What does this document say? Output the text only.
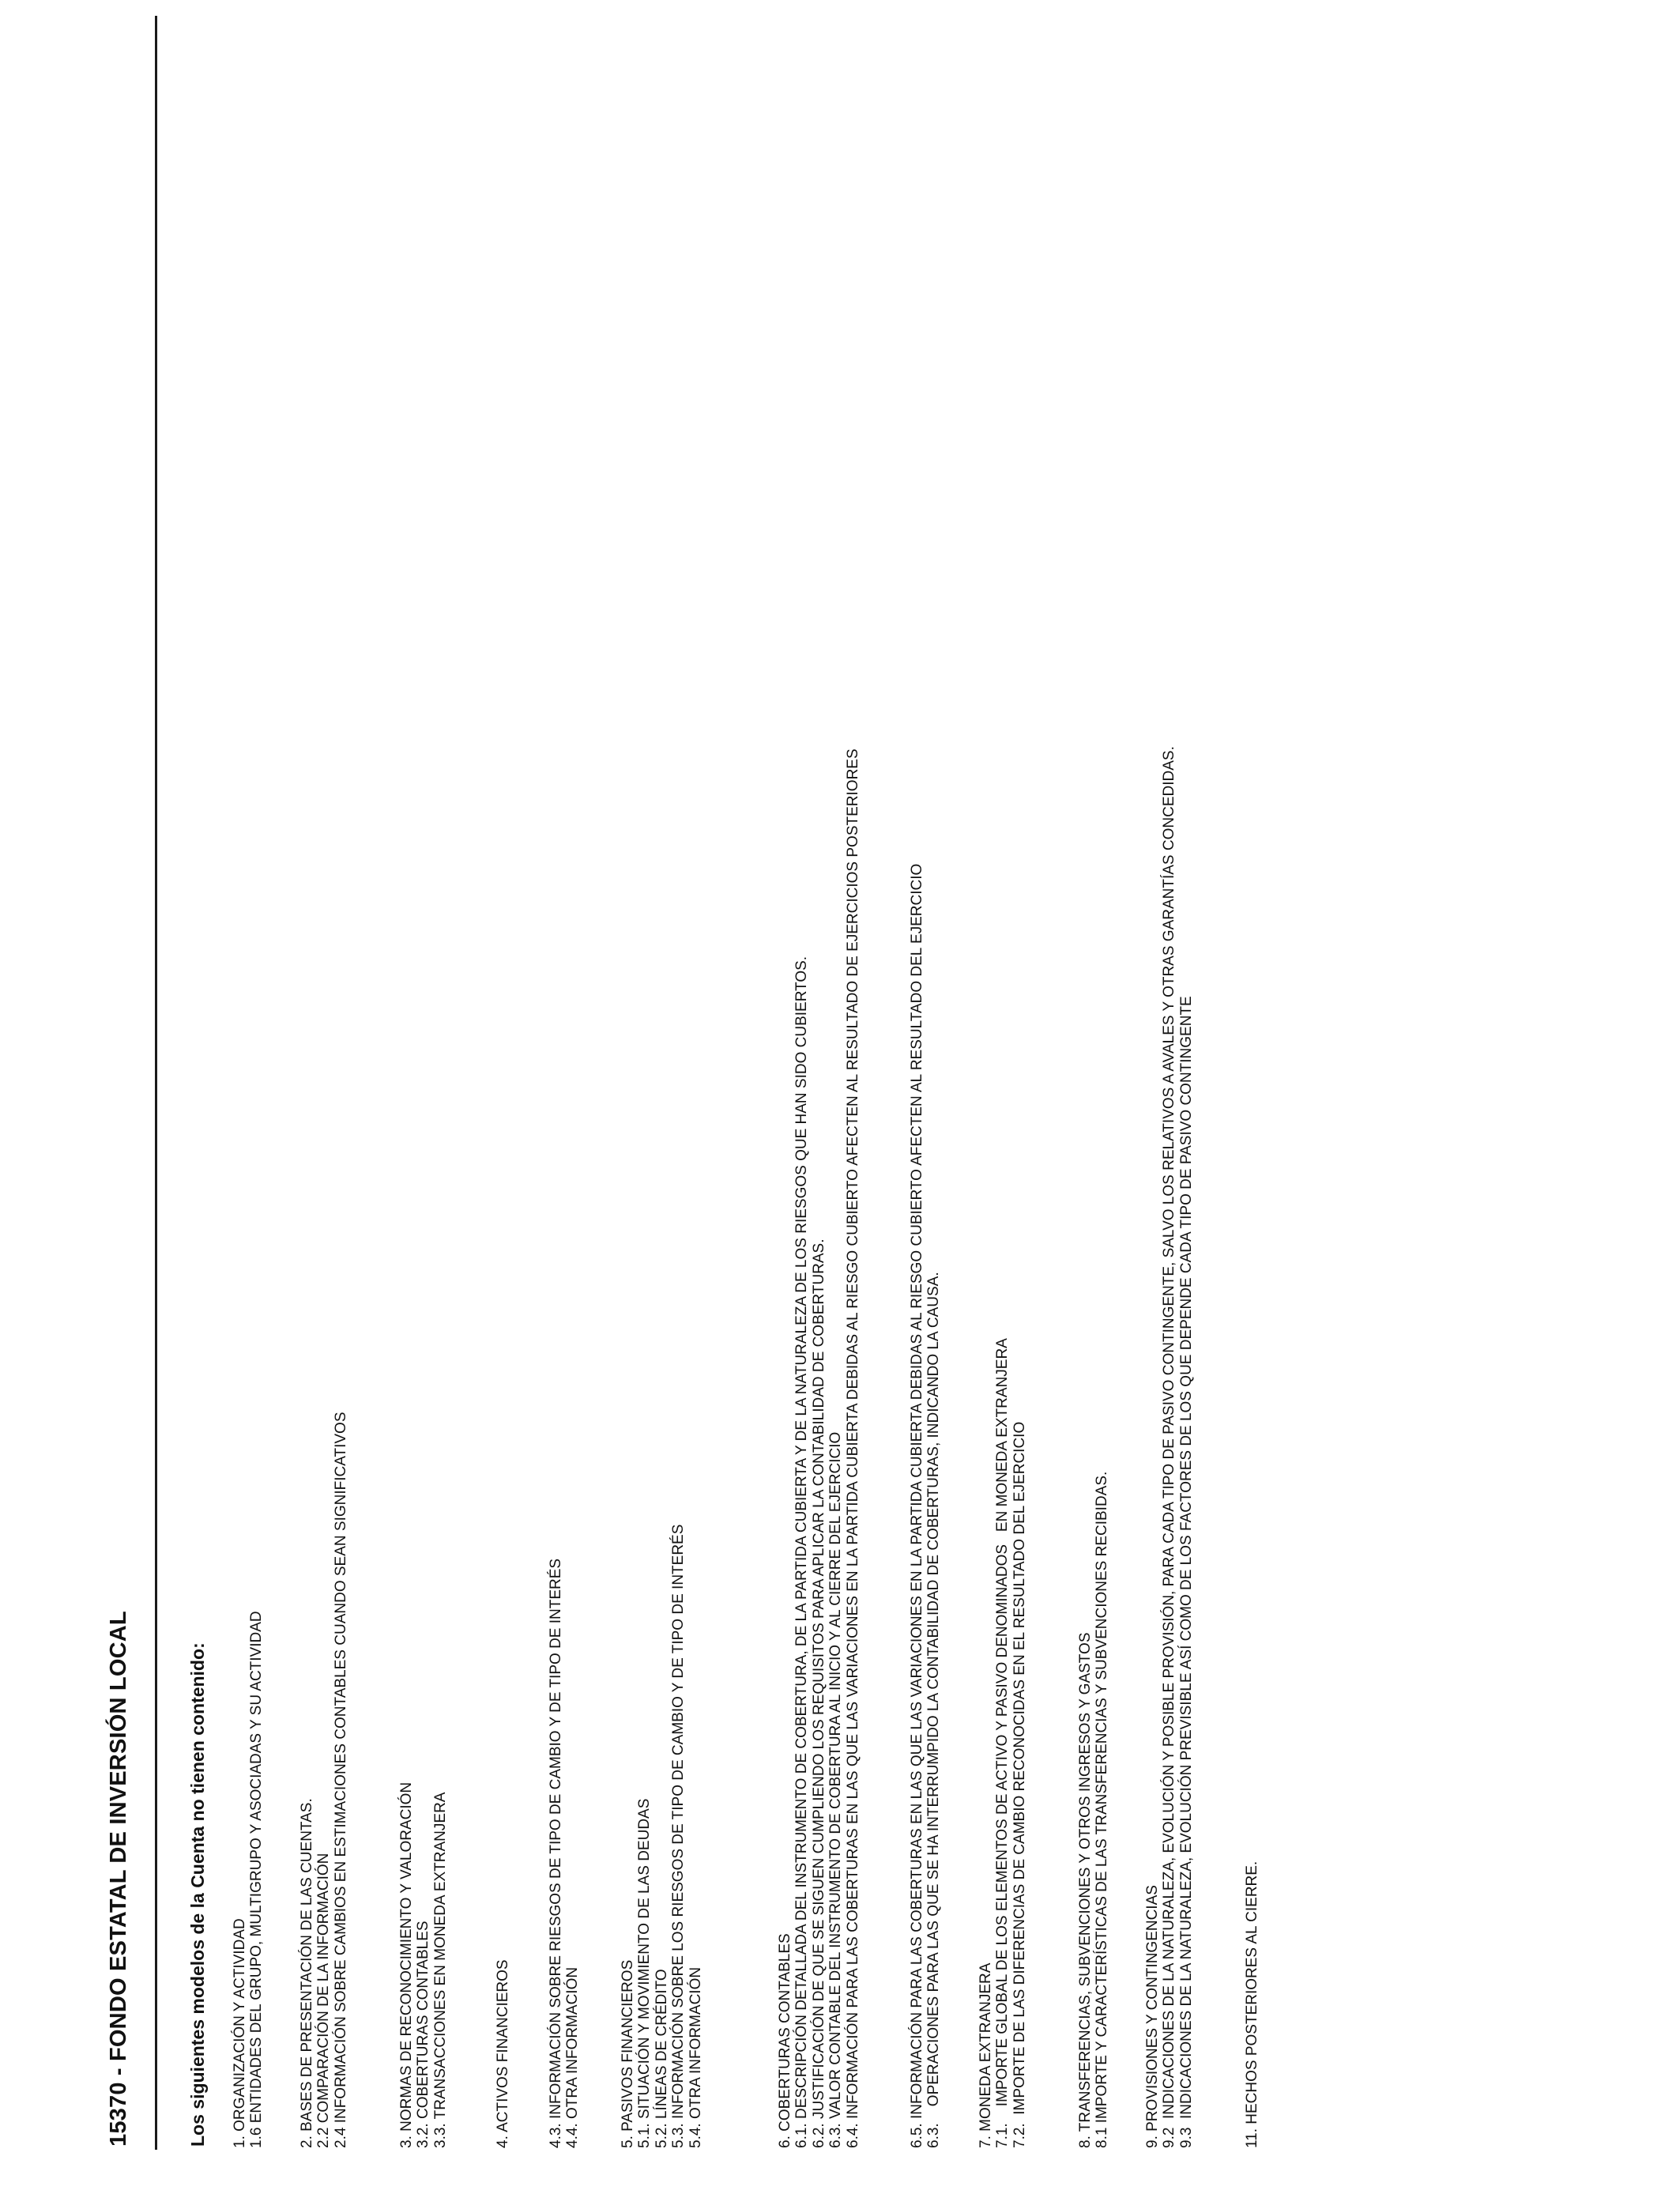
15370 - FONDO ESTATAL DE INVERSIÓN LOCAL	Los siguientes modelos de la Cuenta no tienen contenido: 1. ORGANIZACIÓN Y ACTIVIDAD 1.6 ENTIDADES DEL GRUPO, MULTIGRUPO Y ASOCIADAS Y SU ACTIVIDAD 2. BASES DE PRESENTACIÓN DE LAS CUENTAS. 2.2 COMPARACIÓN DE LA INFORMACIÓN 2.4 INFORMACIÓN SOBRE CAMBIOS EN ESTIMACIONES CONTABLES CUANDO SEAN SIGNIFICATIVOS	3. NORMAS DE RECONOCIMIENTO Y VALORACIÓN 3.2. COBERTURAS CONTABLES 3.3. TRANSACCIONES EN MONEDA EXTRANJERA	4. ACTIVOS FINANCIEROS 4.3. INFORMACIÓN SOBRE RIESGOS DE TIPO DE CAMBIO Y DE TIPO DE INTERÉS 4.4. OTRA INFORMACIÓN	5. PASIVOS FINANCIEROS 5.1. SITUACIÓN Y MOVIMIENTO DE LAS DEUDAS 5.2. LÍNEAS DE CRÉDITO 5.3. INFORMACIÓN SOBRE LOS RIESGOS DE TIPO DE CAMBIO Y DE TIPO DE INTERÉS 5.4. OTRA INFORMACIÓN	6. COBERTURAS CONTABLES 6.1. DESCRIPCIÓN DETALLADA DEL INSTRUMENTO DE COBERTURA, DE LA PARTIDA CUBIERTA Y DE LA NATURALEZA DE LOS RIESGOS QUE HAN SIDO CUBIERTOS. 6.2. JUSTIFICACIÓN DE QUE SE SIGUEN CUMPLIENDO LOS REQUISITOS PARA APLICAR LA CONTABILIDAD DE COBERTURAS. 6.3. VALOR CONTABLE DEL INSTRUMENTO DE COBERTURA AL INICIO Y AL CIERRE DEL EJERCICIO 6.4. INFORMACIÓN PARA LAS COBERTURAS EN LAS QUE LAS VARIACIONES EN LA PARTIDA CUBIERTA DEBIDAS AL RIESGO CUBIERTO AFECTEN AL RESULTADO DE EJERCICIOS POSTERIORES	6.5. INFORMACIÓN PARA LAS COBERTURAS EN LAS QUE LAS VARIACIONES EN LA PARTIDA CUBIERTA DEBIDAS AL RIESGO CUBIERTO AFECTEN AL RESULTADO DEL EJERCICIO 6.3.    OPERACIONES PARA LAS QUE SE HA INTERRUMPIDO LA CONTABILIDAD DE COBERTURAS, INDICANDO LA CAUSA. 7. MONEDA EXTRANJERA 7.1.    IMPORTE GLOBAL DE LOS ELEMENTOS DE ACTIVO Y PASIVO DENOMINADOS   EN MONEDA EXTRANJERA 7.2.  IMPORTE DE LAS DIFERENCIAS DE CAMBIO RECONOCIDAS EN EL RESULTADO DEL EJERCICIO	8. TRANSFERENCIAS, SUBVENCIONES Y OTROS INGRESOS Y GASTOS 8.1 IMPORTE Y CARACTERÍSTICAS DE LAS TRANSFERENCIAS Y SUBVENCIONES RECIBIDAS. 9. PROVISIONES Y CONTINGENCIAS 9.2  INDICACIONES DE LA NATURALEZA, EVOLUCIÓN Y POSIBLE PROVISIÓN, PARA CADA TIPO DE PASIVO CONTINGENTE, SALVO LOS RELATIVOS A AVALES Y OTRAS GARANTÍAS CONCEDIDAS. 9.3  INDICACIONES DE LA NATURALEZA, EVOLUCIÓN PREVISIBLE ASÍ COMO DE LOS FACTORES DE LOS QUE DEPENDE CADA TIPO DE PASIVO CONTINGENTE	11. HECHOS POSTERIORES AL CIERRE.
